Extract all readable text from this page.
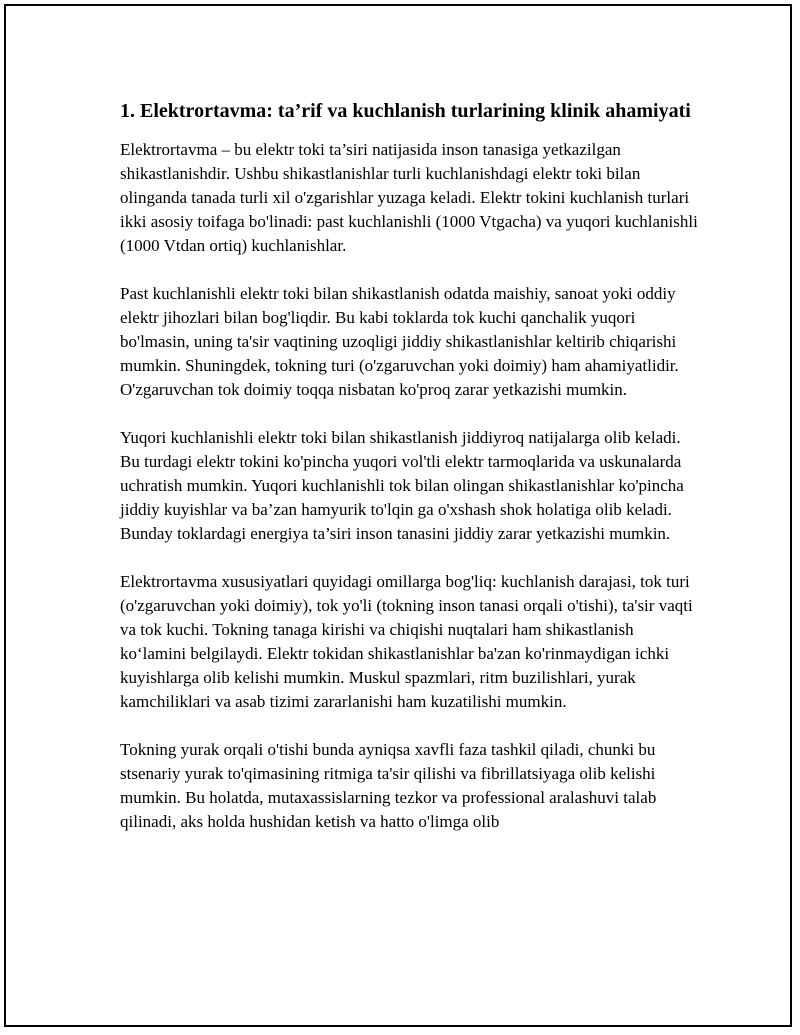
1. Elektrortavma: ta’rif va kuchlanish turlarining klinik ahamiyati

Elektrortavma – bu elektr toki ta’siri natijasida inson tanasiga yetkazilgan shikastlanishdir. Ushbu shikastlanishlar turli kuchlanishdagi elektr toki bilan olinganda tanada turli xil o'zgarishlar yuzaga keladi. Elektr tokini kuchlanish turlari ikki asosiy toifaga bo'linadi: past kuchlanishli (1000 Vtgacha) va yuqori kuchlanishli (1000 Vtdan ortiq) kuchlanishlar.

Past kuchlanishli elektr toki bilan shikastlanish odatda maishiy, sanoat yoki oddiy elektr jihozlari bilan bog'liqdir. Bu kabi toklarda tok kuchi qanchalik yuqori bo'lmasin, uning ta'sir vaqtining uzoqligi jiddiy shikastlanishlar keltirib chiqarishi mumkin. Shuningdek, tokning turi (o'zgaruvchan yoki doimiy) ham ahamiyatlidir. O'zgaruvchan tok doimiy toqqa nisbatan ko'proq zarar yetkazishi mumkin.

Yuqori kuchlanishli elektr toki bilan shikastlanish jiddiyroq natijalarga olib keladi. Bu turdagi elektr tokini ko'pincha yuqori vol'tli elektr tarmoqlarida va uskunalarda uchratish mumkin. Yuqori kuchlanishli tok bilan olingan shikastlanishlar ko'pincha jiddiy kuyishlar va ba’zan hamyurik to'lqin ga o'xshash shok holatiga olib keladi. Bunday toklardagi energiya ta’siri inson tanasini jiddiy zarar yetkazishi mumkin.

Elektrortavma xususiyatlari quyidagi omillarga bog'liq: kuchlanish darajasi, tok turi (o'zgaruvchan yoki doimiy), tok yo'li (tokning inson tanasi orqali o'tishi), ta'sir vaqti va tok kuchi. Tokning tanaga kirishi va chiqishi nuqtalari ham shikastlanish ko‘lamini belgilaydi. Elektr tokidan shikastlanishlar ba'zan ko'rinmaydigan ichki kuyishlarga olib kelishi mumkin. Muskul spazmlari, ritm buzilishlari, yurak kamchiliklari va asab tizimi zararlanishi ham kuzatilishi mumkin.

Tokning yurak orqali o'tishi bunda ayniqsa xavfli faza tashkil qiladi, chunki bu stsenariy yurak to'qimasining ritmiga ta'sir qilishi va fibrillatsiyaga olib kelishi mumkin. Bu holatda, mutaxassislarning tezkor va professional aralashuvi talab qilinadi, aks holda hushidan ketish va hatto o'limga olib
